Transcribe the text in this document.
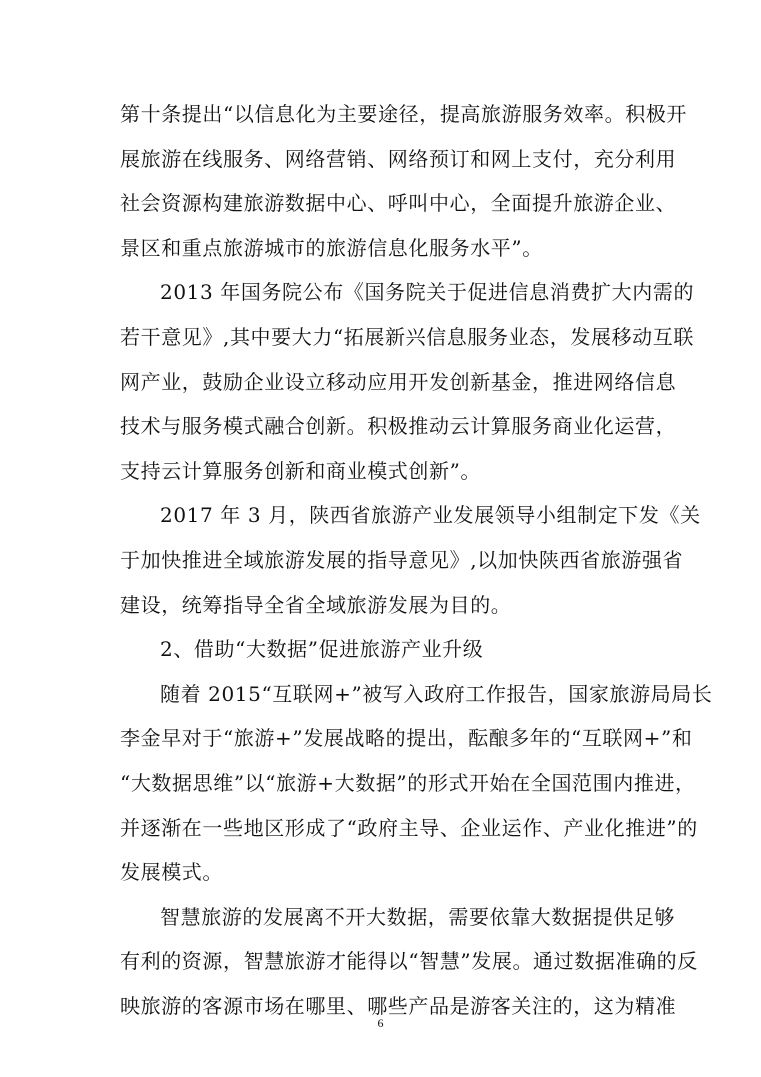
第十条提出“以信息化为主要途径，提高旅游服务效率。积极开
展旅游在线服务、网络营销、网络预订和网上支付，充分利用
社会资源构建旅游数据中心、呼叫中心，全面提升旅游企业、
景区和重点旅游城市的旅游信息化服务水平”。
2013 年国务院公布《国务院关于促进信息消费扩大内需的
若干意见》,其中要大力“拓展新兴信息服务业态，发展移动互联
网产业，鼓励企业设立移动应用开发创新基金，推进网络信息
技术与服务模式融合创新。积极推动云计算服务商业化运营，
支持云计算服务创新和商业模式创新”。
2017 年 3 月，陕西省旅游产业发展领导小组制定下发《关
于加快推进全域旅游发展的指导意见》,以加快陕西省旅游强省
建设，统筹指导全省全域旅游发展为目的。
2、借助“大数据”促进旅游产业升级
随着 2015“互联网+”被写入政府工作报告，国家旅游局局长
李金早对于“旅游+”发展战略的提出，酝酿多年的“互联网+”和
“大数据思维”以“旅游+大数据”的形式开始在全国范围内推进，
并逐渐在一些地区形成了“政府主导、企业运作、产业化推进”的
发展模式。
智慧旅游的发展离不开大数据，需要依靠大数据提供足够
有利的资源，智慧旅游才能得以“智慧”发展。通过数据准确的反
映旅游的客源市场在哪里、哪些产品是游客关注的，这为精准
6
